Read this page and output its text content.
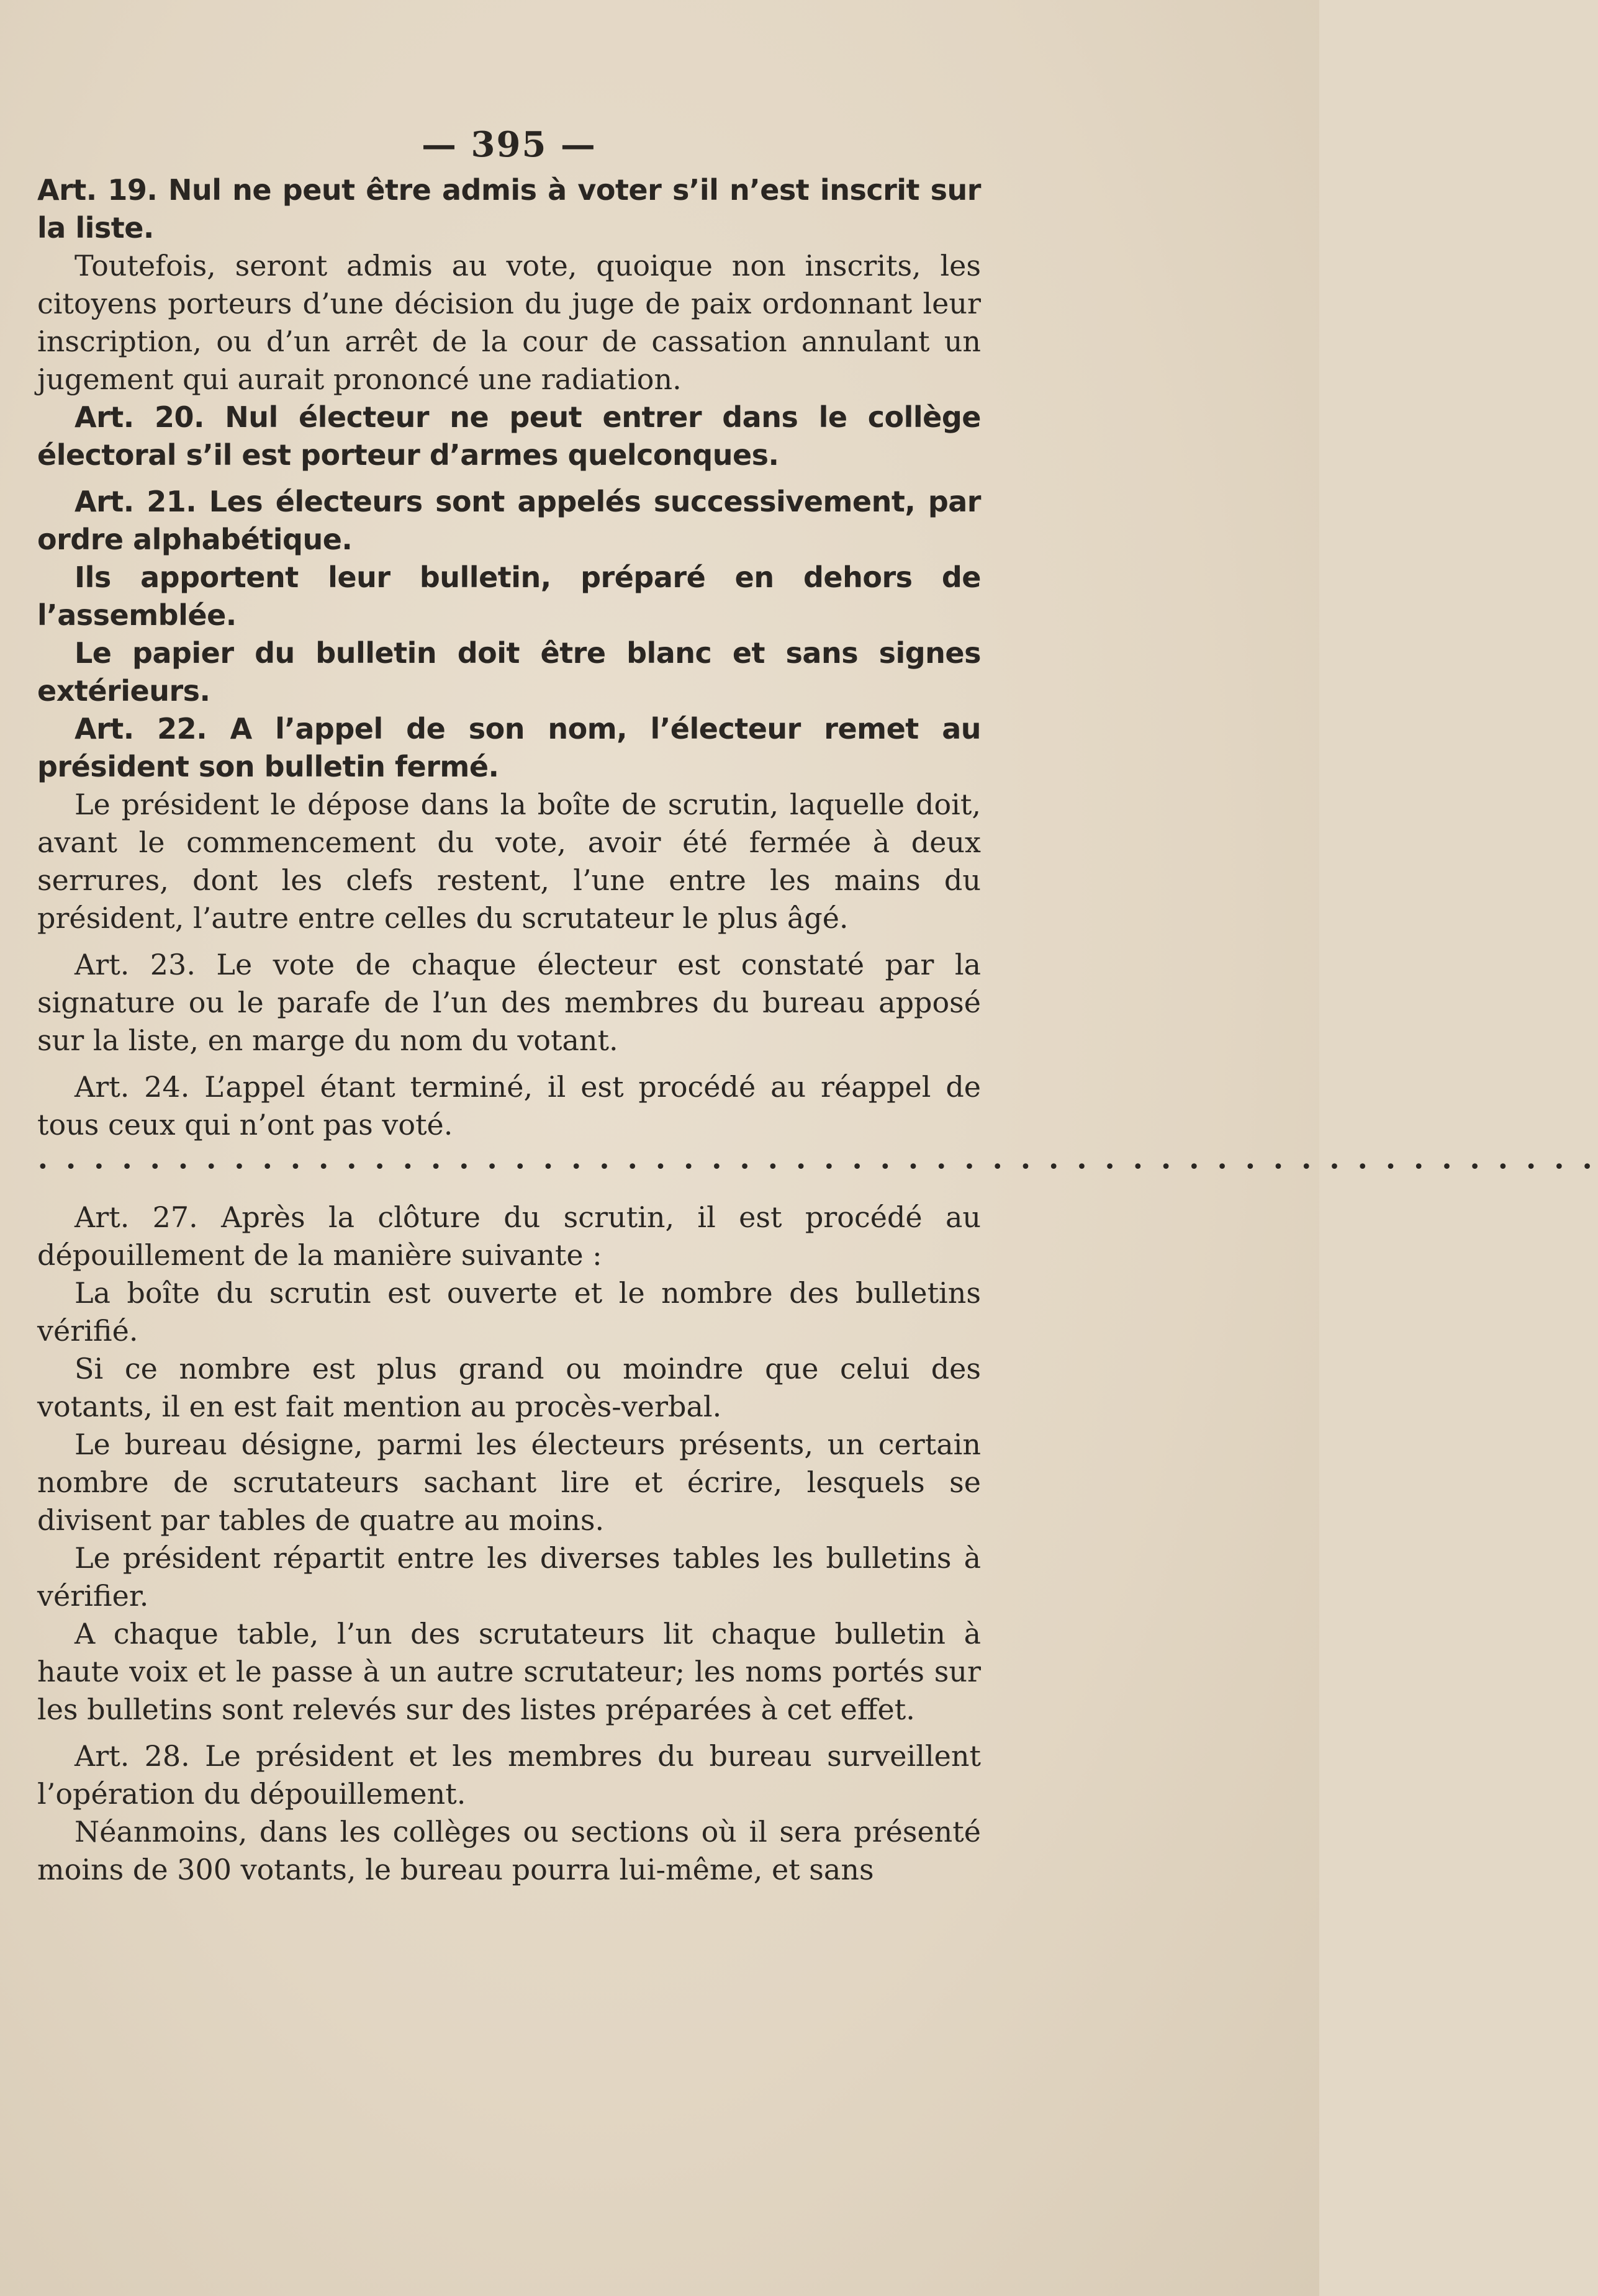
— 395 —

Art. 19. Nul ne peut être admis à voter s’il n’est inscrit sur la liste.

Toutefois, seront admis au vote, quoique non inscrits, les citoyens porteurs d’une décision du juge de paix ordonnant leur inscription, ou d’un arrêt de la cour de cassation annulant un jugement qui aurait prononcé une radiation.

Art. 20. Nul électeur ne peut entrer dans le collège électoral s’il est porteur d’armes quelconques.

Art. 21. Les électeurs sont appelés successivement, par ordre alphabétique.

Ils apportent leur bulletin, préparé en dehors de l’assemblée.

Le papier du bulletin doit être blanc et sans signes extérieurs.

Art. 22. A l’appel de son nom, l’électeur remet au président son bulletin fermé.

Le président le dépose dans la boîte de scrutin, laquelle doit, avant le commencement du vote, avoir été fermée à deux serrures, dont les clefs restent, l’une entre les mains du président, l’autre entre celles du scrutateur le plus âgé.

Art. 23. Le vote de chaque électeur est constaté par la signature ou le parafe de l’un des membres du bureau apposé sur la liste, en marge du nom du votant.

Art. 24. L’appel étant terminé, il est procédé au réappel de tous ceux qui n’ont pas voté.

• • • • • • • • • • • • • • • • • • • • • • • • • • • • • • • • • • • • • • • • • • • • • • • • • • • • • • • •

Art. 27. Après la clôture du scrutin, il est procédé au dépouillement de la manière suivante :

La boîte du scrutin est ouverte et le nombre des bulletins vérifié.

Si ce nombre est plus grand ou moindre que celui des votants, il en est fait mention au procès-verbal.

Le bureau désigne, parmi les électeurs présents, un certain nombre de scrutateurs sachant lire et écrire, lesquels se divisent par tables de quatre au moins.

Le président répartit entre les diverses tables les bulletins à vérifier.

A chaque table, l’un des scrutateurs lit chaque bulletin à haute voix et le passe à un autre scrutateur; les noms portés sur les bulletins sont relevés sur des listes préparées à cet effet.

Art. 28. Le président et les membres du bureau surveillent l’opération du dépouillement.

Néanmoins, dans les collèges ou sections où il sera présenté moins de 300 votants, le bureau pourra lui-même, et sans
